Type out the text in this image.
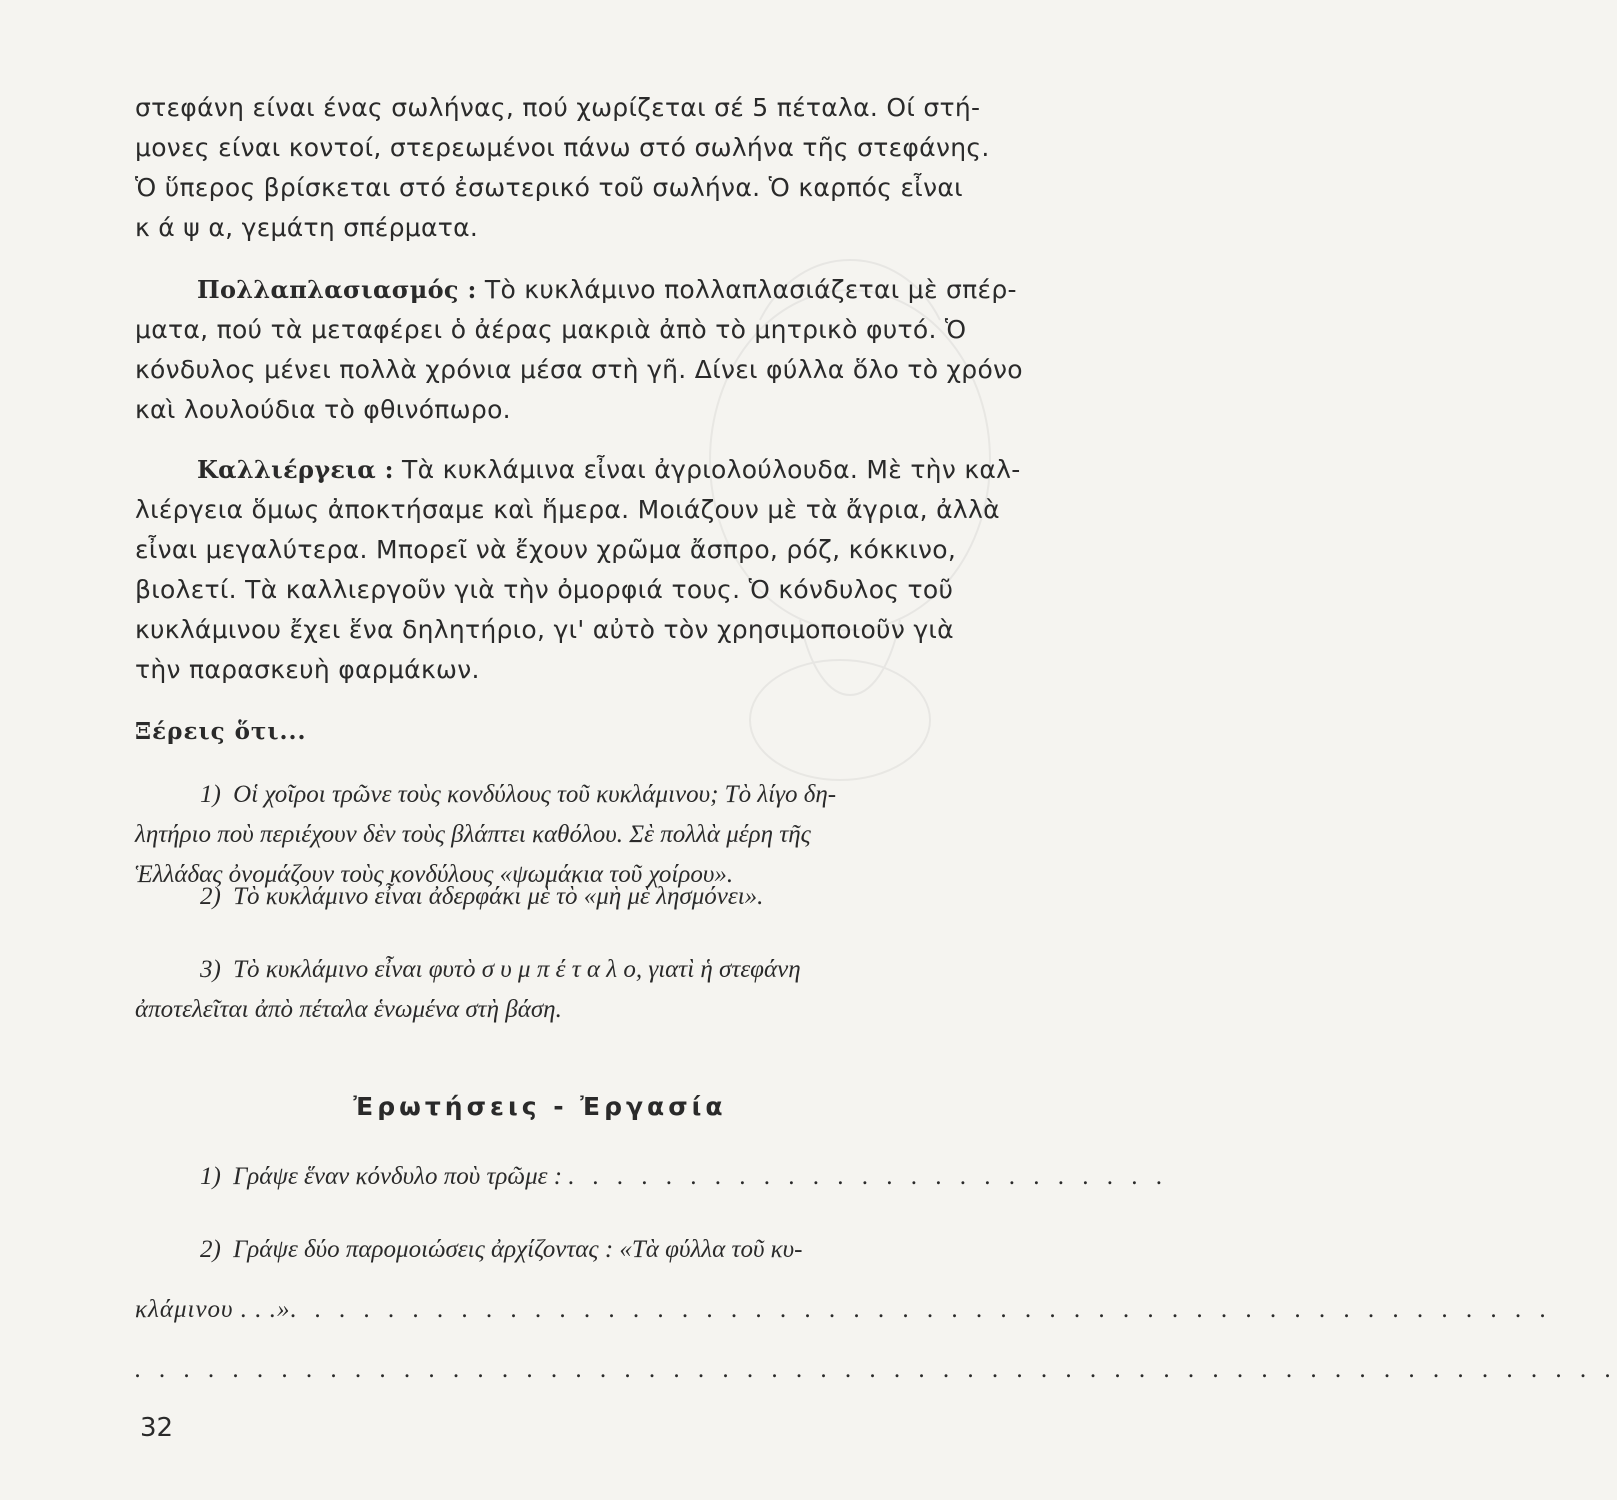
στεφάνη είναι ένας σωλήνας, πού χωρίζεται σέ 5 πέταλα. Οί στή-
μονες είναι κοντοί, στερεωμένοι πάνω στό σωλήνα τῆς στεφάνης.
Ὁ ὕπερος βρίσκεται στό ἐσωτερικό τοῦ σωλήνα. Ὁ καρπός εἶναι
κ ά ψ α, γεμάτη σπέρματα.
Πολλαπλασιασμός : Τὸ κυκλάμινο πολλαπλασιάζεται μὲ σπέρ-
ματα, πού τὰ μεταφέρει ὁ ἀέρας μακριὰ ἀπὸ τὸ μητρικὸ φυτό. Ὁ
κόνδυλος μένει πολλὰ χρόνια μέσα στὴ γῆ. Δίνει φύλλα ὅλο τὸ χρόνο
καὶ λουλούδια τὸ φθινόπωρο.
Καλλιέργεια : Τὰ κυκλάμινα εἶναι ἀγριολούλουδα. Μὲ τὴν καλ-
λιέργεια ὅμως ἀποκτήσαμε καὶ ἥμερα. Μοιάζουν μὲ τὰ ἄγρια, ἀλλὰ
εἶναι μεγαλύτερα. Μπορεῖ νὰ ἔχουν χρῶμα ἄσπρο, ρόζ, κόκκινο,
βιολετί. Τὰ καλλιεργοῦν γιὰ τὴν ὀμορφιά τους. Ὁ κόνδυλος τοῦ
κυκλάμινου ἔχει ἕνα δηλητήριο, γι' αὐτὸ τὸν χρησιμοποιοῦν γιὰ
τὴν παρασκευὴ φαρμάκων.
Ξέρεις ὅτι...
1) Οἱ χοῖροι τρῶνε τοὺς κονδύλους τοῦ κυκλάμινου; Τὸ λίγο δη-
λητήριο ποὺ περιέχουν δὲν τοὺς βλάπτει καθόλου. Σὲ πολλὰ μέρη τῆς
Ἑλλάδας ὀνομάζουν τοὺς κονδύλους «ψωμάκια τοῦ χοίρου».
2) Τὸ κυκλάμινο εἶναι ἀδερφάκι μὲ τὸ «μὴ μὲ λησμόνει».
3) Τὸ κυκλάμινο εἶναι φυτὸ σ υ μ π έ τ α λ ο, γιατὶ ἡ στεφάνη
ἀποτελεῖται ἀπὸ πέταλα ἑνωμένα στὴ βάση.
Ἐρωτήσεις - Ἐργασία
1) Γράψε ἕναν κόνδυλο ποὺ τρῶμε : . . . . . . . . . . . . . . . . . . . . . . . . .
2) Γράψε δύο παρομοιώσεις ἀρχίζοντας : «Τὰ φύλλα τοῦ κυ-
κλάμινου . . .». . . . . . . . . . . . . . . . . . . . . . . . . . . . . . . . . . . . . . . . . . . . . . . . . . . .
. . . . . . . . . . . . . . . . . . . . . . . . . . . . . . . . . . . . . . . . . . . . . . . . . . . . . . . . . . . . .
32
